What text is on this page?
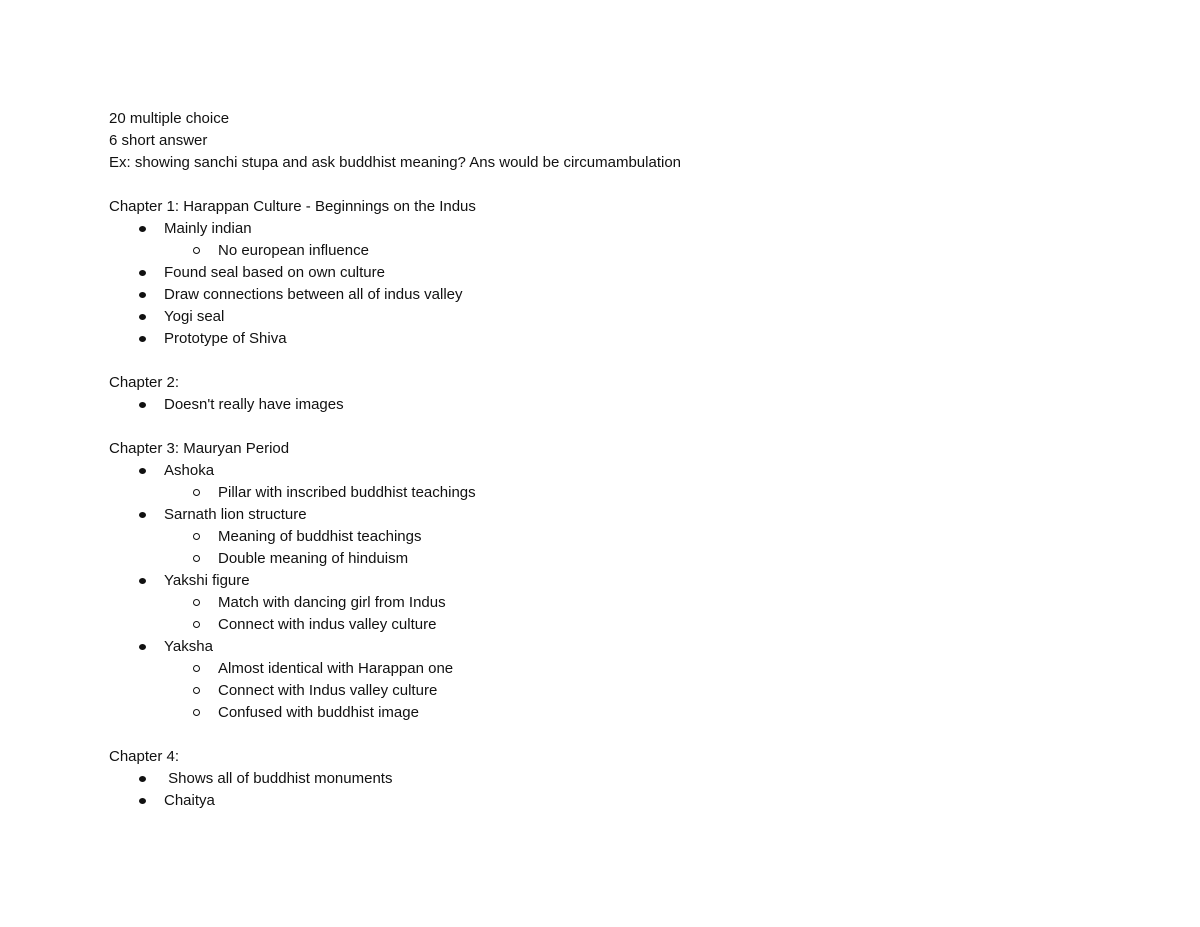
20 multiple choice
6 short answer
Ex: showing sanchi stupa and ask buddhist meaning? Ans would be circumambulation
Chapter 1: Harappan Culture - Beginnings on the Indus
Mainly indian
No european influence
Found seal based on own culture
Draw connections between all of indus valley
Yogi seal
Prototype of Shiva
Chapter 2:
Doesn't really have images
Chapter 3: Mauryan Period
Ashoka
Pillar with inscribed buddhist teachings
Sarnath lion structure
Meaning of buddhist teachings
Double meaning of hinduism
Yakshi figure
Match with dancing girl from Indus
Connect with indus valley culture
Yaksha
Almost identical with Harappan one
Connect with Indus valley culture
Confused with buddhist image
Chapter 4:
Shows all of buddhist monuments
Chaitya
